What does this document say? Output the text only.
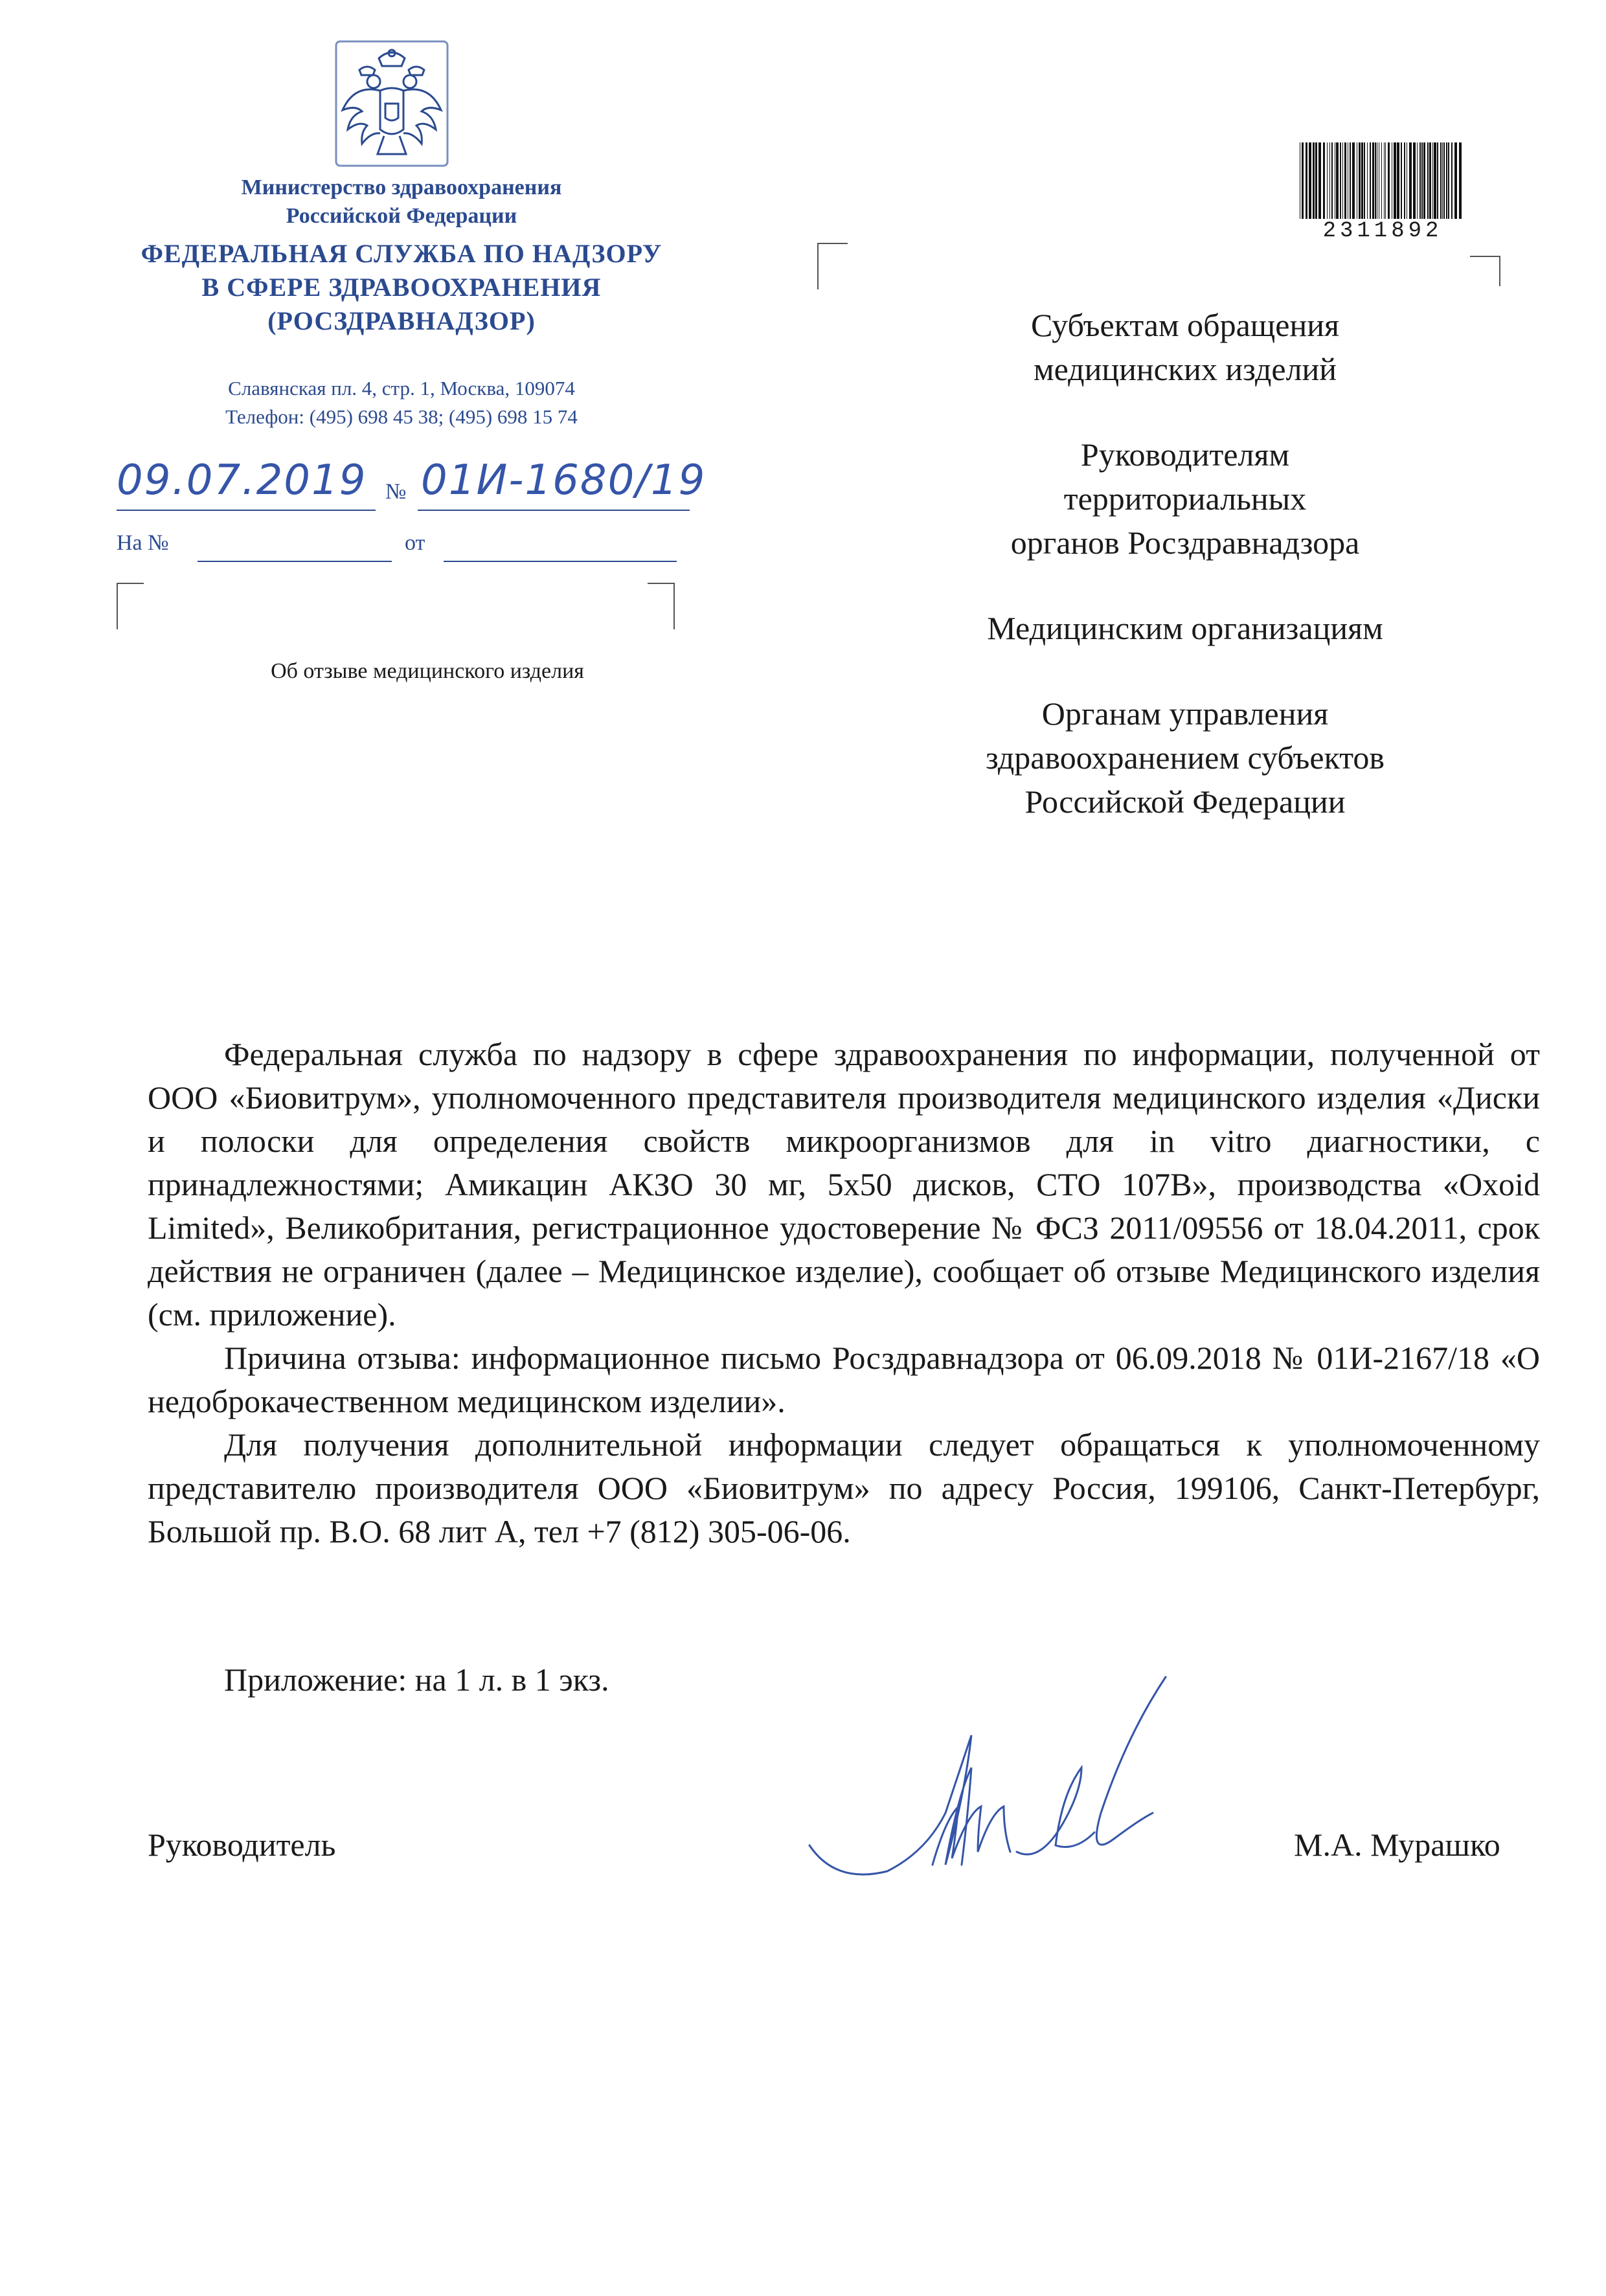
Министерство здравоохранения
Российской Федерации
ФЕДЕРАЛЬНАЯ СЛУЖБА ПО НАДЗОРУ
В СФЕРЕ ЗДРАВООХРАНЕНИЯ
(РОСЗДРАВНАДЗОР)
Славянская пл. 4, стр. 1, Москва, 109074
Телефон: (495) 698 45 38; (495) 698 15 74
09.07.2019 № 01И-1680/19
На №	от
Об отзыве медицинского изделия
2311892
Субъектам обращения
медицинских изделий
Руководителям
территориальных
органов Росздравнадзора
Медицинским организациям
Органам управления
здравоохранением субъектов
Российской Федерации

Федеральная служба по надзору в сфере здравоохранения по информации, полученной от ООО «Биовитрум», уполномоченного представителя производителя медицинского изделия «Диски и полоски для определения свойств микроорганизмов для in vitro диагностики, с принадлежностями; Амикацин АКЗО 30 мг, 5х50 дисков, СТО 107В», производства «Oxoid Limited», Великобритания, регистрационное удостоверение № ФСЗ 2011/09556 от 18.04.2011, срок действия не ограничен (далее – Медицинское изделие), сообщает об отзыве Медицинского изделия (см. приложение).

Причина отзыва: информационное письмо Росздравнадзора от 06.09.2018 № 01И-2167/18 «О недоброкачественном медицинском изделии».

Для получения дополнительной информации следует обращаться к уполномоченному представителю производителя ООО «Биовитрум» по адресу Россия, 199106, Санкт-Петербург, Большой пр. В.О. 68 лит А, тел +7 (812) 305-06-06.

Приложение: на 1 л. в 1 экз.
Руководитель	М.А. Мурашко
